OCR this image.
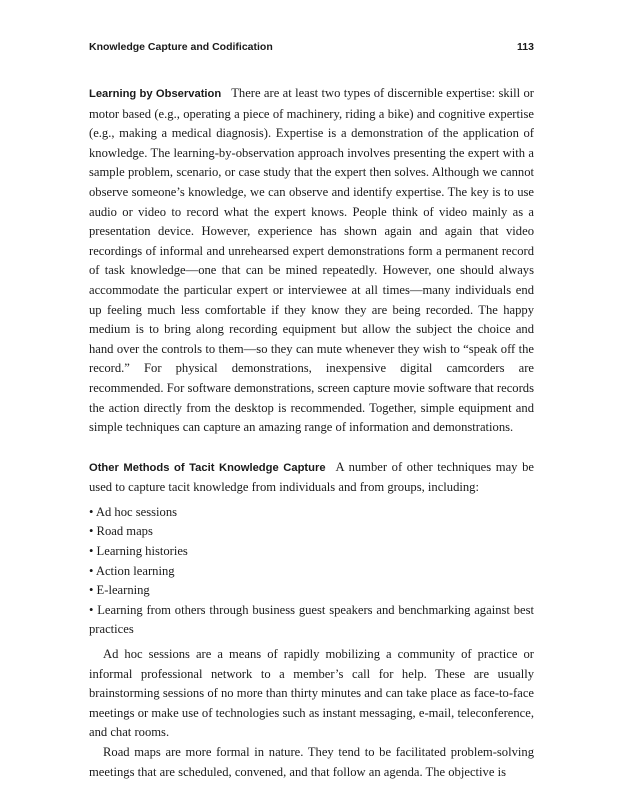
Knowledge Capture and Codification	113

Learning by Observation There are at least two types of discernible expertise: skill or motor based (e.g., operating a piece of machinery, riding a bike) and cognitive expertise (e.g., making a medical diagnosis). Expertise is a demonstration of the application of knowledge. The learning-by-observation approach involves presenting the expert with a sample problem, scenario, or case study that the expert then solves. Although we cannot observe someone’s knowledge, we can observe and identify expertise. The key is to use audio or video to record what the expert knows. People think of video mainly as a presentation device. However, experience has shown again and again that video recordings of informal and unrehearsed expert demonstrations form a permanent record of task knowledge—one that can be mined repeatedly. However, one should always accommodate the particular expert or interviewee at all times—many individuals end up feeling much less comfortable if they know they are being recorded. The happy medium is to bring along recording equipment but allow the subject the choice and hand over the controls to them—so they can mute whenever they wish to “speak off the record.” For physical demonstrations, inexpensive digital camcorders are recommended. For software demonstrations, screen capture movie software that records the action directly from the desktop is recommended. Together, simple equipment and simple techniques can capture an amazing range of information and demonstrations.

Other Methods of Tacit Knowledge Capture A number of other techniques may be used to capture tacit knowledge from individuals and from groups, including:

• Ad hoc sessions
• Road maps
• Learning histories
• Action learning
• E-learning
• Learning from others through business guest speakers and benchmarking against best practices

Ad hoc sessions are a means of rapidly mobilizing a community of practice or informal professional network to a member’s call for help. These are usually brainstorming sessions of no more than thirty minutes and can take place as face-to-face meetings or make use of technologies such as instant messaging, e-mail, teleconference, and chat rooms.

Road maps are more formal in nature. They tend to be facilitated problem-solving meetings that are scheduled, convened, and that follow an agenda. The objective is
